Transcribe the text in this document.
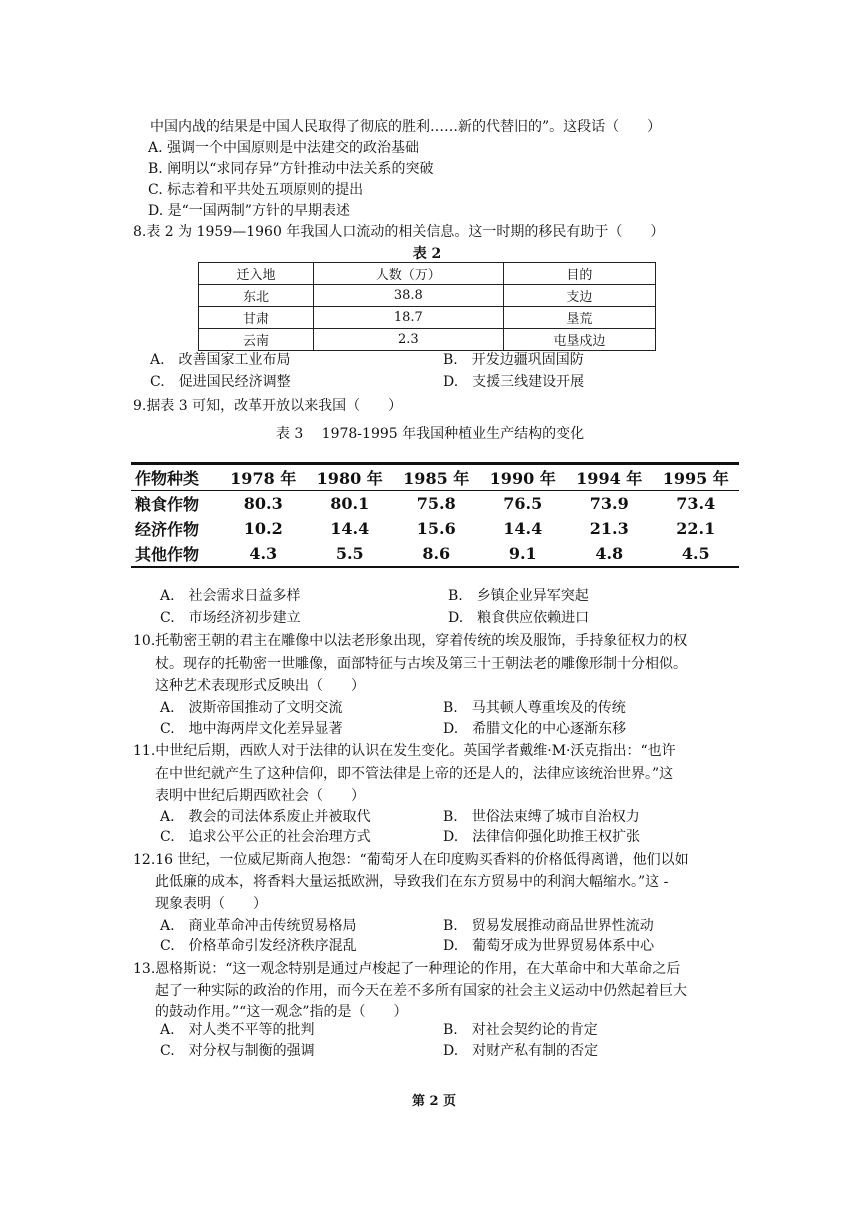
中国内战的结果是中国人民取得了彻底的胜利……新的代替旧的”。这段话（　　）
A. 强调一个中国原则是中法建交的政治基础
B. 阐明以“求同存异”方针推动中法关系的突破
C. 标志着和平共处五项原则的提出
D. 是“一国两制”方针的早期表述
8.表 2 为 1959—1960 年我国人口流动的相关信息。这一时期的移民有助于（　　）
表 2
迁入地	人数（万）	目的
东北	38.8	支边
甘肃	18.7	垦荒
云南	2.3	屯垦戍边
A.　改善国家工业布局	B.　开发边疆巩固国防
C.　促进国民经济调整	D.　支援三线建设开展
9.据表 3 可知，改革开放以来我国（　　）
表 3　 1978-1995 年我国种植业生产结构的变化
作物种类	1978 年	1980 年	1985 年	1990 年	1994 年	1995 年
粮食作物	80.3	80.1	75.8	76.5	73.9	73.4
经济作物	10.2	14.4	15.6	14.4	21.3	22.1
其他作物	4.3	5.5	8.6	9.1	4.8	4.5
A.　社会需求日益多样	B.　乡镇企业异军突起
C.　市场经济初步建立	D.　粮食供应依赖进口
10.托勒密王朝的君主在雕像中以法老形象出现，穿着传统的埃及服饰，手持象征权力的权
杖。现存的托勒密一世雕像，面部特征与古埃及第三十王朝法老的雕像形制十分相似。
这种艺术表现形式反映出（　　）
A.　波斯帝国推动了文明交流	B.　马其顿人尊重埃及的传统
C.　地中海两岸文化差异显著	D.　希腊文化的中心逐渐东移
11.中世纪后期，西欧人对于法律的认识在发生变化。英国学者戴维·M·沃克指出：“也许
在中世纪就产生了这种信仰，即不管法律是上帝的还是人的，法律应该统治世界。”这
表明中世纪后期西欧社会（　　）
A.　教会的司法体系废止并被取代	B.　世俗法束缚了城市自治权力
C.　追求公平公正的社会治理方式	D.　法律信仰强化助推王权扩张
12.16 世纪，一位威尼斯商人抱怨：“葡萄牙人在印度购买香料的价格低得离谱，他们以如
此低廉的成本，将香料大量运抵欧洲，导致我们在东方贸易中的利润大幅缩水。”这 -
现象表明（　　）
A.　商业革命冲击传统贸易格局	B.　贸易发展推动商品世界性流动
C.　价格革命引发经济秩序混乱	D.　葡萄牙成为世界贸易体系中心
13.恩格斯说：“这一观念特别是通过卢梭起了一种理论的作用，在大革命中和大革命之后
起了一种实际的政治的作用，而今天在差不多所有国家的社会主义运动中仍然起着巨大
的鼓动作用。”“这一观念”指的是（　　）
A.　对人类不平等的批判	B.　对社会契约论的肯定
C.　对分权与制衡的强调	D.　对财产私有制的否定
第 2 页
